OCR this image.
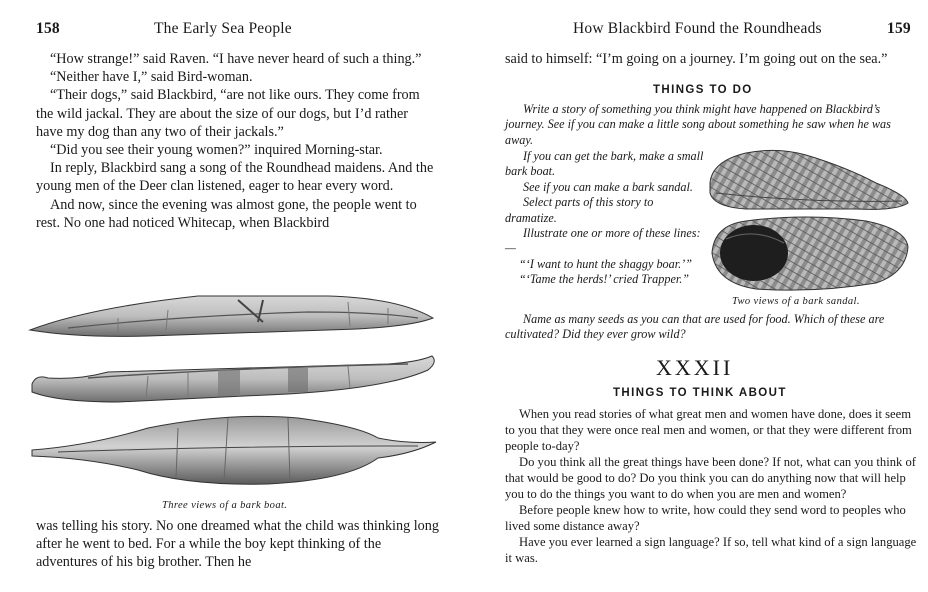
158	The Early Sea People

“How strange!” said Raven. “I have never heard of such a thing.”

“Neither have I,” said Bird-woman.

“Their dogs,” said Blackbird, “are not like ours. They come from the wild jackal. They are about the size of our dogs, but I’d rather have my dog than any two of their jackals.”

“Did you see their young women?” inquired Morning-star.

In reply, Blackbird sang a song of the Roundhead maidens. And the young men of the Deer clan listened, eager to hear every word.

And now, since the evening was almost gone, the people went to rest. No one had noticed Whitecap, when Blackbird

Three views of a bark boat.

was telling his story. No one dreamed what the child was thinking long after he went to bed. For a while the boy kept thinking of the adventures of his big brother. Then he

How Blackbird Found the Roundheads	159

said to himself: “I’m going on a journey. I’m going out on the sea.”

THINGS TO DO
Write a story of something you think might have happened on Blackbird’s journey. See if you can make a little song about something he saw when he was away.

If you can get the bark, make a small bark boat.

See if you can make a bark sandal.

Select parts of this story to dramatize.

Illustrate one or more of these lines:—

“‘I want to hunt the shaggy boar.’”

“‘Tame the herds!’ cried Trapper.”

Two views of a bark sandal.
Name as many seeds as you can that are used for food. Which of these are cultivated? Did they ever grow wild?
XXXII
THINGS TO THINK ABOUT

When you read stories of what great men and women have done, does it seem to you that they were once real men and women, or that they were different from people to-day?

Do you think all the great things have been done? If not, what can you think of that would be good to do? Do you think you can do anything now that will help you to do the things you want to do when you are men and women?

Before people knew how to write, how could they send word to peoples who lived some distance away?

Have you ever learned a sign language? If so, tell what kind of a sign language it was.
